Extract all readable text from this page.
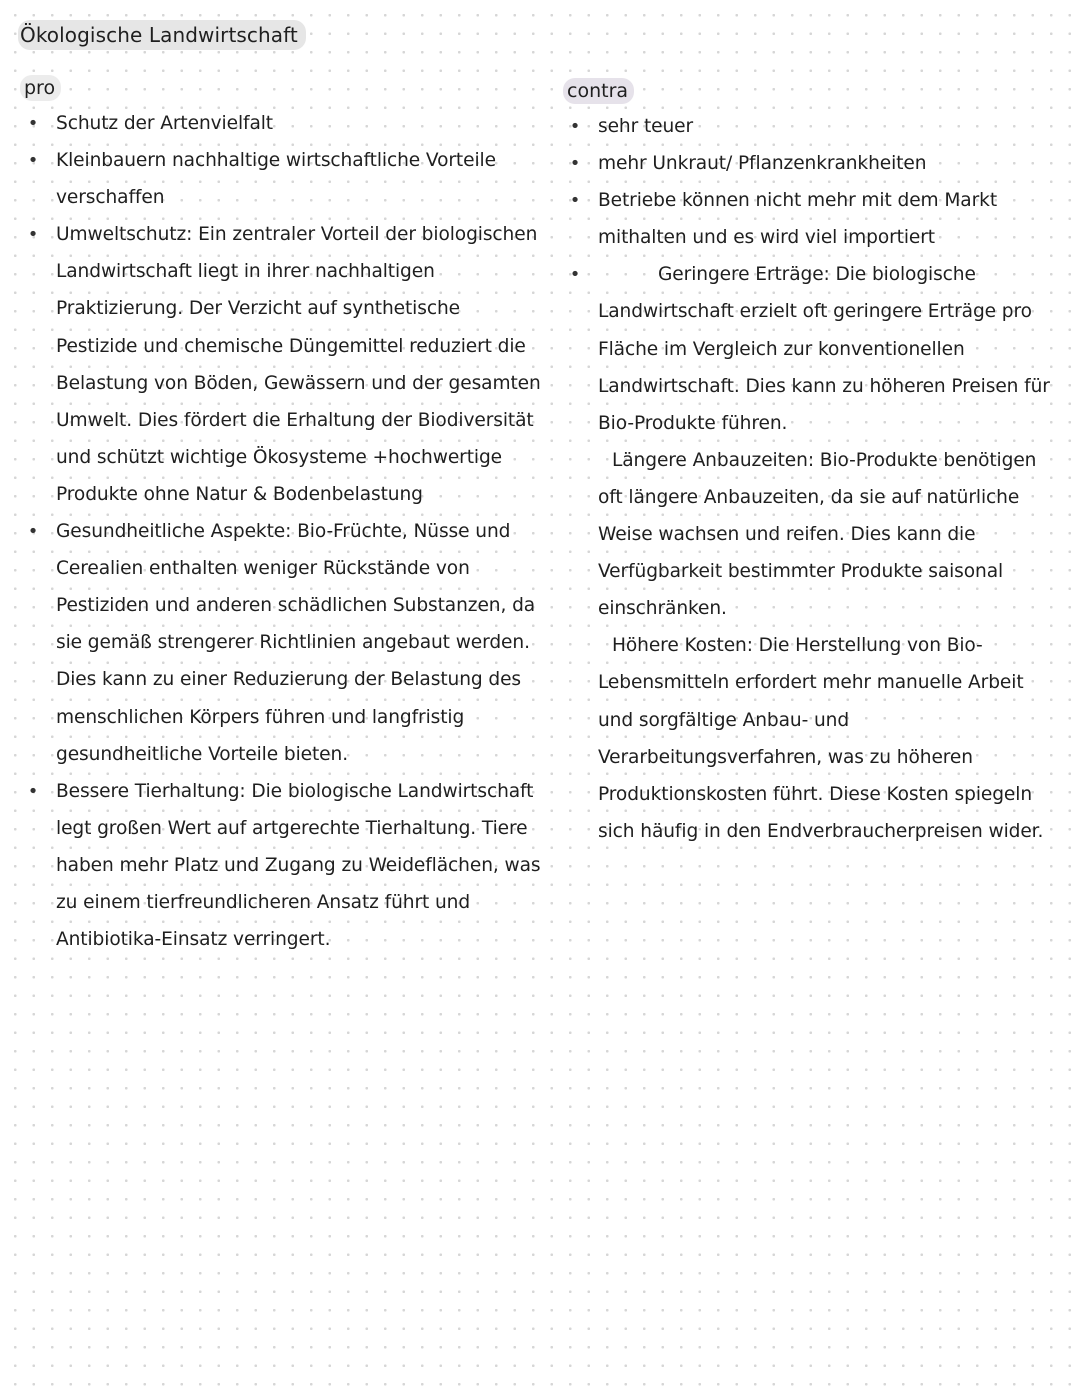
Ökologische Landwirtschaft
pro	contra
• Schutz der Artenvielfalt
• Kleinbauern nachhaltige wirtschaftliche Vorteile verschaffen
• Umweltschutz: Ein zentraler Vorteil der biologischen Landwirtschaft liegt in ihrer nachhaltigen Praktizierung. Der Verzicht auf synthetische Pestizide und chemische Düngemittel reduziert die Belastung von Böden, Gewässern und der gesamten Umwelt. Dies fördert die Erhaltung der Biodiversität und schützt wichtige Ökosysteme +hochwertige Produkte ohne Natur & Bodenbelastung
• Gesundheitliche Aspekte: Bio-Früchte, Nüsse und Cerealien enthalten weniger Rückstände von Pestiziden und anderen schädlichen Substanzen, da sie gemäß strengerer Richtlinien angebaut werden. Dies kann zu einer Reduzierung der Belastung des menschlichen Körpers führen und langfristig gesundheitliche Vorteile bieten.
• Bessere Tierhaltung: Die biologische Landwirtschaft legt großen Wert auf artgerechte Tierhaltung. Tiere haben mehr Platz und Zugang zu Weideflächen, was zu einem tierfreundlicheren Ansatz führt und Antibiotika-Einsatz verringert.
• sehr teuer
• mehr Unkraut/ Pflanzenkrankheiten
• Betriebe können nicht mehr mit dem Markt mithalten und es wird viel importiert
•	Geringere Erträge: Die biologische Landwirtschaft erzielt oft geringere Erträge pro Fläche im Vergleich zur konventionellen Landwirtschaft. Dies kann zu höheren Preisen für Bio-Produkte führen.
Längere Anbauzeiten: Bio-Produkte benötigen oft längere Anbauzeiten, da sie auf natürliche Weise wachsen und reifen. Dies kann die Verfügbarkeit bestimmter Produkte saisonal einschränken.
Höhere Kosten: Die Herstellung von Bio-Lebensmitteln erfordert mehr manuelle Arbeit und sorgfältige Anbau- und Verarbeitungsverfahren, was zu höheren Produktionskosten führt. Diese Kosten spiegeln sich häufig in den Endverbraucherpreisen wider.
